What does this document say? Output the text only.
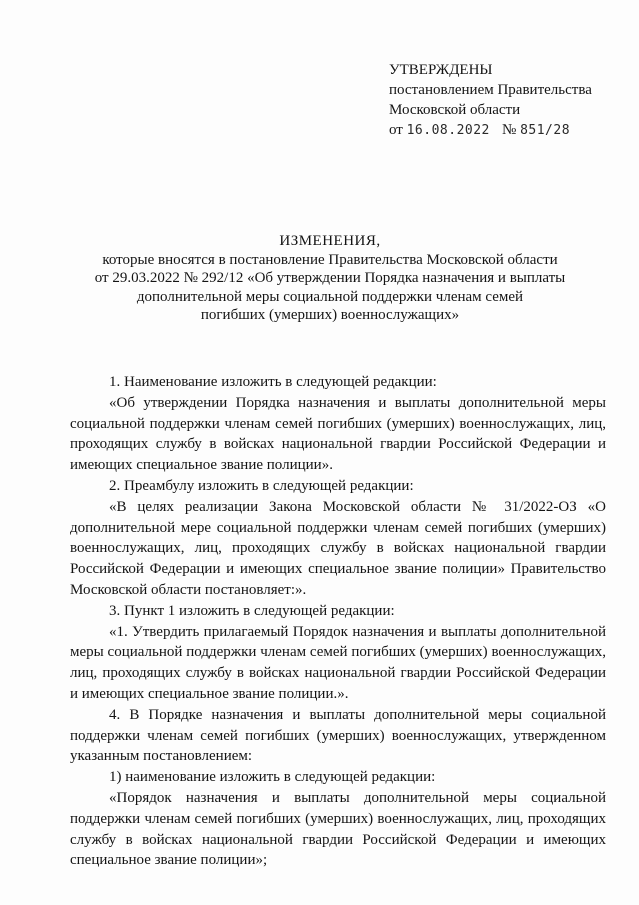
УТВЕРЖДЕНЫ
постановлением Правительства
Московской области
от 16.08.2022 № 851/28
ИЗМЕНЕНИЯ,
которые вносятся в постановление Правительства Московской области
от 29.03.2022 № 292/12 «Об утверждении Порядка назначения и выплаты
дополнительной меры социальной поддержки членам семей
погибших (умерших) военнослужащих»

1. Наименование изложить в следующей редакции:

«Об утверждении Порядка назначения и выплаты дополнительной меры социальной поддержки членам семей погибших (умерших) военнослужащих, лиц, проходящих службу в войсках национальной гвардии Российской Федерации и имеющих специальное звание полиции».

2. Преамбулу изложить в следующей редакции:

«В целях реализации Закона Московской области № 31/2022-ОЗ «О дополнительной мере социальной поддержки членам семей погибших (умерших) военнослужащих, лиц, проходящих службу в войсках национальной гвардии Российской Федерации и имеющих специальное звание полиции» Правительство Московской области постановляет:».

3. Пункт 1 изложить в следующей редакции:

«1. Утвердить прилагаемый Порядок назначения и выплаты дополнительной меры социальной поддержки членам семей погибших (умерших) военнослужащих, лиц, проходящих службу в войсках национальной гвардии Российской Федерации и имеющих специальное звание полиции.».

4. В Порядке назначения и выплаты дополнительной меры социальной поддержки членам семей погибших (умерших) военнослужащих, утвержденном указанным постановлением:

1) наименование изложить в следующей редакции:

«Порядок назначения и выплаты дополнительной меры социальной поддержки членам семей погибших (умерших) военнослужащих, лиц, проходящих службу в войсках национальной гвардии Российской Федерации и имеющих специальное звание полиции»;
